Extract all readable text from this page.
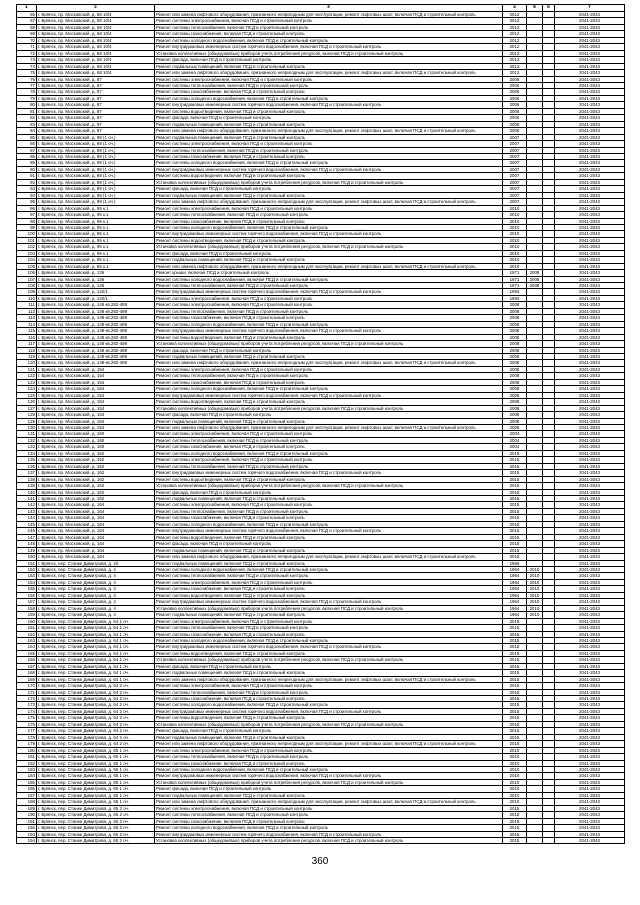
1	2	3	4	5	6	7
66	г. Брянск, пр. Московский, д. 68 10/4	Ремонт или замена лифтового оборудования, признанного непригодным для эксплуатации, ремонт лифтовых шахт, включая ПСД и строительный контроль	2012			2041-2043
67	г. Брянск, пр. Московский, д. 68 10/4	Ремонт системы электроснабжения, включая ПСД и строительный контроль	2012			2041-2043
68	г. Брянск, пр. Московский, д. 68 10/4	Ремонт системы теплоснабжения, включая ПСД и строительный контроль	2012			2041-2043
69	г. Брянск, пр. Московский, д. 68 10/4	Ремонт системы газоснабжения, включая ПСД и строительный контроль	2012			2041-2043
70	г. Брянск, пр. Московский, д. 68 10/4	Ремонт системы холодного водоснабжения, включая ПСД и строительный контроль	2012			2041-2043
71	г. Брянск, пр. Московский, д. 68 10/4	Ремонт внутридомовых инженерных систем горячего водоснабжения, включая ПСД и строительный контроль	2012			2041-2043
72	г. Брянск, пр. Московский, д. 68 10/4	Установка коллективных (общедомовых) приборов учета потребления ресурсов, включая ПСД и строительный контроль	2012			2041-2043
73	г. Брянск, пр. Московский, д. 68 10/4	Ремонт фасада, включая ПСД и строительный контроль	2012			2041-2043
74	г. Брянск, пр. Московский, д. 68 10/4	Ремонт подвальных помещений, включая ПСД и строительный контроль	2012			2041-2043
75	г. Брянск, пр. Московский, д. 68 10/4	Ремонт или замена лифтового оборудования, признанного непригодным для эксплуатации, ремонт лифтовых шахт, включая ПСД и строительный контроль	2012			2041-2043
76	г. Брянск, пр. Московский, д. 87	Ремонт системы электроснабжения, включая ПСД и строительный контроль	2006			2041-2043
77	г. Брянск, пр. Московский, д. 87	Ремонт системы теплоснабжения, включая ПСД и строительный контроль	2006			2041-2043
78	г. Брянск, пр. Московский, д. 87	Ремонт системы газоснабжения, включая ПСД и строительный контроль	2006			2041-2043
79	г. Брянск, пр. Московский, д. 87	Ремонт системы холодного водоснабжения, включая ПСД и строительный контроль	2006			2041-2043
80	г. Брянск, пр. Московский, д. 87	Ремонт внутридомовых инженерных систем горячего водоснабжения, включая ПСД и строительный контроль	2006			2041-2043
81	г. Брянск, пр. Московский, д. 87	Ремонт системы водоотведения, включая ПСД и строительный контроль	2006			2041-2043
82	г. Брянск, пр. Московский, д. 87	Ремонт фасада, включая ПСД и строительный контроль	2006			2041-2043
83	г. Брянск, пр. Московский, д. 87	Ремонт подвальных помещений, включая ПСД и строительный контроль	2006			2041-2043
84	г. Брянск, пр. Московский, д. 87	Ремонт или замена лифтового оборудования, признанного непригодным для эксплуатации, ремонт лифтовых шахт, включая ПСД и строительный контроль	2006			2041-2043
85	г. Брянск, пр. Московский, д. 89 (1 оч.)	Ремонт подвальных помещений, включая ПСД и строительный контроль	2007			2041-2043
86	г. Брянск, пр. Московский, д. 89 (1 оч.)	Ремонт системы электроснабжения, включая ПСД и строительный контроль	2007			2041-2043
87	г. Брянск, пр. Московский, д. 89 (1 оч.)	Ремонт системы теплоснабжения, включая ПСД и строительный контроль	2007			2041-2043
88	г. Брянск, пр. Московский, д. 89 (1 оч.)	Ремонт системы газоснабжения, включая ПСД и строительный контроль	2007			2041-2043
89	г. Брянск, пр. Московский, д. 89 (1 оч.)	Ремонт системы холодного водоснабжения, включая ПСД и строительный контроль	2007			2041-2043
90	г. Брянск, пр. Московский, д. 89 (1 оч.)	Ремонт внутридомовых инженерных систем горячего водоснабжения, включая ПСД и строительный контроль	2007			2041-2043
91	г. Брянск, пр. Московский, д. 89 (1 оч.)	Ремонт системы водоотведения, включая ПСД и строительный контроль	2007			2041-2043
92	г. Брянск, пр. Московский, д. 89 (1 оч.)	Установка коллективных (общедомовых) приборов учета потребления ресурсов, включая ПСД и строительный контроль	2007			2041-2043
93	г. Брянск, пр. Московский, д. 89 (1 оч.)	Ремонт фасада, включая ПСД и строительный контроль	2007			2041-2043
94	г. Брянск, пр. Московский, д. 89 (1 оч.)	Ремонт подвальных помещений, включая ПСД и строительный контроль	2007			2041-2043
95	г. Брянск, пр. Московский, д. 89 (1 оч.)	Ремонт или замена лифтового оборудования, признанного непригодным для эксплуатации, ремонт лифтовых шахт, включая ПСД и строительный контроль	2007			2041-2043
96	г. Брянск, пр. Московский, д. 95 к.1	Ремонт системы электроснабжения, включая ПСД и строительный контроль	2010			2041-2043
97	г. Брянск, пр. Московский, д. 95 к.1	Ремонт системы теплоснабжения, включая ПСД и строительный контроль	2010			2041-2043
98	г. Брянск, пр. Московский, д. 95 к.1	Ремонт системы газоснабжения, включая ПСД и строительный контроль	2010			2041-2043
99	г. Брянск, пр. Московский, д. 95 к.1	Ремонт системы холодного водоснабжения, включая ПСД и строительный контроль	2010			2041-2043
100	г. Брянск, пр. Московский, д. 95 к.1	Ремонт внутридомовых инженерных систем горячего водоснабжения, включая ПСД и строительный контроль	2010			2041-2043
101	г. Брянск, пр. Московский, д. 95 к.1	Ремонт системы водоотведения, включая ПСД и строительный контроль	2010			2041-2043
102	г. Брянск, пр. Московский, д. 95 к.1	Установка коллективных (общедомовых) приборов учета потребления ресурсов, включая ПСД и строительный контроль	2010			2041-2043
103	г. Брянск, пр. Московский, д. 95 к.1	Ремонт фасада, включая ПСД и строительный контроль	2010			2041-2043
104	г. Брянск, пр. Московский, д. 95 к.1	Ремонт подвальных помещений, включая ПСД и строительный контроль	2010			2041-2043
105	г. Брянск, пр. Московский, д. 95 к.1	Ремонт или замена лифтового оборудования, признанного непригодным для эксплуатации, ремонт лифтовых шахт, включая ПСД и строительный контроль	2010			2041-2043
106	г. Брянск, пр. Московский, д. 136	Ремонт крыши, включая ПСД и строительный контроль	1971	2008		2041-2043
107	г. Брянск, пр. Московский, д. 136	Ремонт системы холодного водоснабжения, включая ПСД и строительный контроль	1971	2008		2041-2043
108	г. Брянск, пр. Московский, д. 136	Ремонт системы теплоснабжения, включая ПСД и строительный контроль	1971	2008		2041-2043
109	г. Брянск, пр. Московский, д. 142/1	Ремонт внутридомовых инженерных систем горячего водоснабжения, включая ПСД и строительный контроль	1993			2041-2043
110	г. Брянск, пр. Московский, д. 142/1	Ремонт системы электроснабжения, включая ПСД и строительный контроль	1993			2041-2043
111	г. Брянск, пр. Московский, д. 148 кв.282-489	Ремонт системы электроснабжения, включая ПСД и строительный контроль	2008			2041-2043
112	г. Брянск, пр. Московский, д. 148 кв.282-489	Ремонт системы теплоснабжения, включая ПСД и строительный контроль	2008			2041-2043
113	г. Брянск, пр. Московский, д. 148 кв.282-489	Ремонт системы газоснабжения, включая ПСД и строительный контроль	2008			2041-2043
114	г. Брянск, пр. Московский, д. 148 кв.282-489	Ремонт системы холодного водоснабжения, включая ПСД и строительный контроль	2008			2041-2043
115	г. Брянск, пр. Московский, д. 148 кв.282-489	Ремонт внутридомовых инженерных систем горячего водоснабжения, включая ПСД и строительный контроль	2008			2041-2043
116	г. Брянск, пр. Московский, д. 148 кв.282-489	Ремонт системы водоотведения, включая ПСД и строительный контроль	2008			2041-2043
117	г. Брянск, пр. Московский, д. 148 кв.282-489	Установка коллективных (общедомовых) приборов учета потребления ресурсов, включая ПСД и строительный контроль	2008			2041-2043
118	г. Брянск, пр. Московский, д. 148 кв.282-489	Ремонт фасада, включая ПСД и строительный контроль	2008			2041-2043
119	г. Брянск, пр. Московский, д. 148 кв.282-489	Ремонт подвальных помещений, включая ПСД и строительный контроль	2008			2041-2043
120	г. Брянск, пр. Московский, д. 148 кв.282-489	Ремонт или замена лифтового оборудования, признанного непригодным для эксплуатации, ремонт лифтовых шахт, включая ПСД и строительный контроль	2008			2041-2043
121	г. Брянск, пр. Московский, д. 154	Ремонт системы электроснабжения, включая ПСД и строительный контроль	2008			2041-2043
122	г. Брянск, пр. Московский, д. 154	Ремонт системы теплоснабжения, включая ПСД и строительный контроль	2008			2041-2043
123	г. Брянск, пр. Московский, д. 154	Ремонт системы газоснабжения, включая ПСД и строительный контроль	2008			2041-2043
124	г. Брянск, пр. Московский, д. 154	Ремонт системы холодного водоснабжения, включая ПСД и строительный контроль	2008			2041-2043
125	г. Брянск, пр. Московский, д. 154	Ремонт внутридомовых инженерных систем горячего водоснабжения, включая ПСД и строительный контроль	2008			2041-2043
126	г. Брянск, пр. Московский, д. 154	Ремонт системы водоотведения, включая ПСД и строительный контроль	2008			2041-2043
127	г. Брянск, пр. Московский, д. 154	Установка коллективных (общедомовых) приборов учета потребления ресурсов, включая ПСД и строительный контроль	2008			2041-2043
128	г. Брянск, пр. Московский, д. 154	Ремонт фасада, включая ПСД и строительный контроль	2008			2041-2043
129	г. Брянск, пр. Московский, д. 154	Ремонт подвальных помещений, включая ПСД и строительный контроль	2008			2041-2043
130	г. Брянск, пр. Московский, д. 154	Ремонт или замена лифтового оборудования, признанного непригодным для эксплуатации, ремонт лифтовых шахт, включая ПСД и строительный контроль	2008			2041-2043
131	г. Брянск, пр. Московский, д. 160	Ремонт системы электроснабжения, включая ПСД и строительный контроль	2004			2041-2043
132	г. Брянск, пр. Московский, д. 160	Ремонт системы теплоснабжения, включая ПСД и строительный контроль	2004			2041-2043
133	г. Брянск, пр. Московский, д. 160	Ремонт системы газоснабжения, включая ПСД и строительный контроль	2004			2041-2043
134	г. Брянск, пр. Московский, д. 162	Ремонт системы холодного водоснабжения, включая ПСД и строительный контроль	2015			2041-2043
135	г. Брянск, пр. Московский, д. 162	Ремонт системы электроснабжения, включая ПСД и строительный контроль	2015			2041-2043
136	г. Брянск, пр. Московский, д. 162	Ремонт системы теплоснабжения, включая ПСД и строительный контроль	2015			2041-2043
137	г. Брянск, пр. Московский, д. 162	Ремонт внутридомовых инженерных систем горячего водоснабжения, включая ПСД и строительный контроль	2015			2041-2043
138	г. Брянск, пр. Московский, д. 162	Ремонт системы водоотведения, включая ПСД и строительный контроль	2015			2041-2043
139	г. Брянск, пр. Московский, д. 162	Установка коллективных (общедомовых) приборов учета потребления ресурсов, включая ПСД и строительный контроль	2015			2041-2043
140	г. Брянск, пр. Московский, д. 162	Ремонт фасада, включая ПСД и строительный контроль	2015			2041-2043
141	г. Брянск, пр. Московский, д. 162	Ремонт подвальных помещений, включая ПСД и строительный контроль	2015			2041-2043
142	г. Брянск, пр. Московский, д. 164	Ремонт системы электроснабжения, включая ПСД и строительный контроль	2015			2041-2043
143	г. Брянск, пр. Московский, д. 164	Ремонт системы теплоснабжения, включая ПСД и строительный контроль	2015			2041-2043
144	г. Брянск, пр. Московский, д. 164	Ремонт системы газоснабжения, включая ПСД и строительный контроль	2015			2041-2043
145	г. Брянск, пр. Московский, д. 164	Ремонт системы холодного водоснабжения, включая ПСД и строительный контроль	2015			2041-2043
146	г. Брянск, пр. Московский, д. 164	Ремонт внутридомовых инженерных систем горячего водоснабжения, включая ПСД и строительный контроль	2015			2041-2043
147	г. Брянск, пр. Московский, д. 164	Ремонт системы водоотведения, включая ПСД и строительный контроль	2015			2041-2043
148	г. Брянск, пр. Московский, д. 164	Ремонт фасада, включая ПСД и строительный контроль	2015			2041-2043
149	г. Брянск, пр. Московский, д. 164	Ремонт подвальных помещений, включая ПСД и строительный контроль	2015			2041-2043
150	г. Брянск, пр. Московский, д. 164	Ремонт или замена лифтового оборудования, признанного непригодным для эксплуатации, ремонт лифтовых шахт, включая ПСД и строительный контроль	2015			2041-2043
151	г. Брянск, пер. Станке Димитрова, д. 2б	Ремонт подвальных помещений, включая ПСД и строительный контроль	1966			2041-2043
152	г. Брянск, пер. Станке Димитрова, д. 4	Ремонт системы холодного водоснабжения, включая ПСД и строительный контроль	1964	2010		2041-2043
153	г. Брянск, пер. Станке Димитрова, д. 4	Ремонт системы теплоснабжения, включая ПСД и строительный контроль	1964	2010		2041-2043
154	г. Брянск, пер. Станке Димитрова, д. 4	Ремонт системы электроснабжения, включая ПСД и строительный контроль	1964	2010		2041-2043
155	г. Брянск, пер. Станке Димитрова, д. 4	Ремонт системы газоснабжения, включая ПСД и строительный контроль	1964	2010		2041-2043
156	г. Брянск, пер. Станке Димитрова, д. 4	Ремонт системы водоотведения, включая ПСД и строительный контроль	1964	2010		2041-2043
157	г. Брянск, пер. Станке Димитрова, д. 4	Ремонт внутридомовых инженерных систем горячего водоснабжения, включая ПСД и строительный контроль	1964	2010		2041-2043
158	г. Брянск, пер. Станке Димитрова, д. 4	Установка коллективных (общедомовых) приборов учета потребления ресурсов, включая ПСД и строительный контроль	1964	2010		2041-2043
159	г. Брянск, пер. Станке Димитрова, д. 4	Ремонт подвальных помещений, включая ПСД и строительный контроль	1964	2010		2041-2043
160	г. Брянск, пер. Станке Димитрова, д. 64 1 оч.	Ремонт системы электроснабжения, включая ПСД и строительный контроль	2015			2041-2043
161	г. Брянск, пер. Станке Димитрова, д. 64 1 оч.	Ремонт системы теплоснабжения, включая ПСД и строительный контроль	2015			2041-2043
162	г. Брянск, пер. Станке Димитрова, д. 64 1 оч.	Ремонт системы газоснабжения, включая ПСД и строительный контроль	2015			2041-2043
163	г. Брянск, пер. Станке Димитрова, д. 64 1 оч.	Ремонт системы холодного водоснабжения, включая ПСД и строительный контроль	2015			2041-2043
164	г. Брянск, пер. Станке Димитрова, д. 64 1 оч.	Ремонт внутридомовых инженерных систем горячего водоснабжения, включая ПСД и строительный контроль	2015			2041-2043
165	г. Брянск, пер. Станке Димитрова, д. 64 1 оч.	Ремонт системы водоотведения, включая ПСД и строительный контроль	2015			2041-2043
166	г. Брянск, пер. Станке Димитрова, д. 64 1 оч.	Установка коллективных (общедомовых) приборов учета потребления ресурсов, включая ПСД и строительный контроль	2015			2041-2043
167	г. Брянск, пер. Станке Димитрова, д. 64 1 оч.	Ремонт фасада, включая ПСД и строительный контроль	2015			2041-2043
168	г. Брянск, пер. Станке Димитрова, д. 64 1 оч.	Ремонт подвальных помещений, включая ПСД и строительный контроль	2015			2041-2043
169	г. Брянск, пер. Станке Димитрова, д. 64 1 оч.	Ремонт или замена лифтового оборудования, признанного непригодным для эксплуатации, ремонт лифтовых шахт, включая ПСД и строительный контроль	2015			2041-2043
170	г. Брянск, пер. Станке Димитрова, д. 64 2 оч.	Ремонт системы электроснабжения, включая ПСД и строительный контроль	2015			2041-2043
171	г. Брянск, пер. Станке Димитрова, д. 64 2 оч.	Ремонт системы теплоснабжения, включая ПСД и строительный контроль	2015			2041-2043
172	г. Брянск, пер. Станке Димитрова, д. 64 2 оч.	Ремонт системы газоснабжения, включая ПСД и строительный контроль	2015			2041-2043
173	г. Брянск, пер. Станке Димитрова, д. 64 2 оч.	Ремонт системы холодного водоснабжения, включая ПСД и строительный контроль	2015			2041-2043
174	г. Брянск, пер. Станке Димитрова, д. 64 2 оч.	Ремонт внутридомовых инженерных систем горячего водоснабжения, включая ПСД и строительный контроль	2015			2041-2043
175	г. Брянск, пер. Станке Димитрова, д. 64 2 оч.	Ремонт системы водоотведения, включая ПСД и строительный контроль	2015			2041-2043
176	г. Брянск, пер. Станке Димитрова, д. 64 2 оч.	Установка коллективных (общедомовых) приборов учета потребления ресурсов, включая ПСД и строительный контроль	2015			2041-2043
177	г. Брянск, пер. Станке Димитрова, д. 64 2 оч.	Ремонт фасада, включая ПСД и строительный контроль	2015			2041-2043
178	г. Брянск, пер. Станке Димитрова, д. 64 2 оч.	Ремонт подвальных помещений, включая ПСД и строительный контроль	2015			2041-2043
179	г. Брянск, пер. Станке Димитрова, д. 64 2 оч.	Ремонт или замена лифтового оборудования, признанного непригодным для эксплуатации, ремонт лифтовых шахт, включая ПСД и строительный контроль	2015			2041-2043
180	г. Брянск, пер. Станке Димитрова, д. 65 1 оч.	Ремонт системы электроснабжения, включая ПСД и строительный контроль	2010			2041-2043
181	г. Брянск, пер. Станке Димитрова, д. 65 1 оч.	Ремонт системы теплоснабжения, включая ПСД и строительный контроль	2010			2041-2043
182	г. Брянск, пер. Станке Димитрова, д. 65 1 оч.	Ремонт системы газоснабжения, включая ПСД и строительный контроль	2010			2041-2043
183	г. Брянск, пер. Станке Димитрова, д. 65 1 оч.	Ремонт системы холодного водоснабжения, включая ПСД и строительный контроль	2010			2041-2043
184	г. Брянск, пер. Станке Димитрова, д. 65 1 оч.	Ремонт внутридомовых инженерных систем горячего водоснабжения, включая ПСД и строительный контроль	2010			2041-2043
185	г. Брянск, пер. Станке Димитрова, д. 65 1 оч.	Установка коллективных (общедомовых) приборов учета потребления ресурсов, включая ПСД и строительный контроль	2010			2041-2043
186	г. Брянск, пер. Станке Димитрова, д. 65 1 оч.	Ремонт фасада, включая ПСД и строительный контроль	2010			2041-2043
187	г. Брянск, пер. Станке Димитрова, д. 65 1 оч.	Ремонт подвальных помещений, включая ПСД и строительный контроль	2010			2041-2043
188	г. Брянск, пер. Станке Димитрова, д. 65 1 оч.	Ремонт или замена лифтового оборудования, признанного непригодным для эксплуатации, ремонт лифтовых шахт, включая ПСД и строительный контроль	2010			2041-2043
189	г. Брянск, пер. Станке Димитрова, д. 65 2 оч.	Ремонт системы электроснабжения, включая ПСД и строительный контроль	2015			2041-2043
190	г. Брянск, пер. Станке Димитрова, д. 65 2 оч.	Ремонт системы теплоснабжения, включая ПСД и строительный контроль	2015			2041-2043
191	г. Брянск, пер. Станке Димитрова, д. 65 2 оч.	Ремонт системы газоснабжения, включая ПСД и строительный контроль	2015			2041-2043
192	г. Брянск, пер. Станке Димитрова, д. 65 2 оч.	Ремонт системы холодного водоснабжения, включая ПСД и строительный контроль	2015			2041-2043
193	г. Брянск, пер. Станке Димитрова, д. 65 2 оч.	Ремонт внутридомовых инженерных систем горячего водоснабжения, включая ПСД и строительный контроль	2015			2041-2043
194	г. Брянск, пер. Станке Димитрова, д. 65 2 оч.	Установка коллективных (общедомовых) приборов учета потребления ресурсов, включая ПСД и строительный контроль	2015			2041-2043
360
